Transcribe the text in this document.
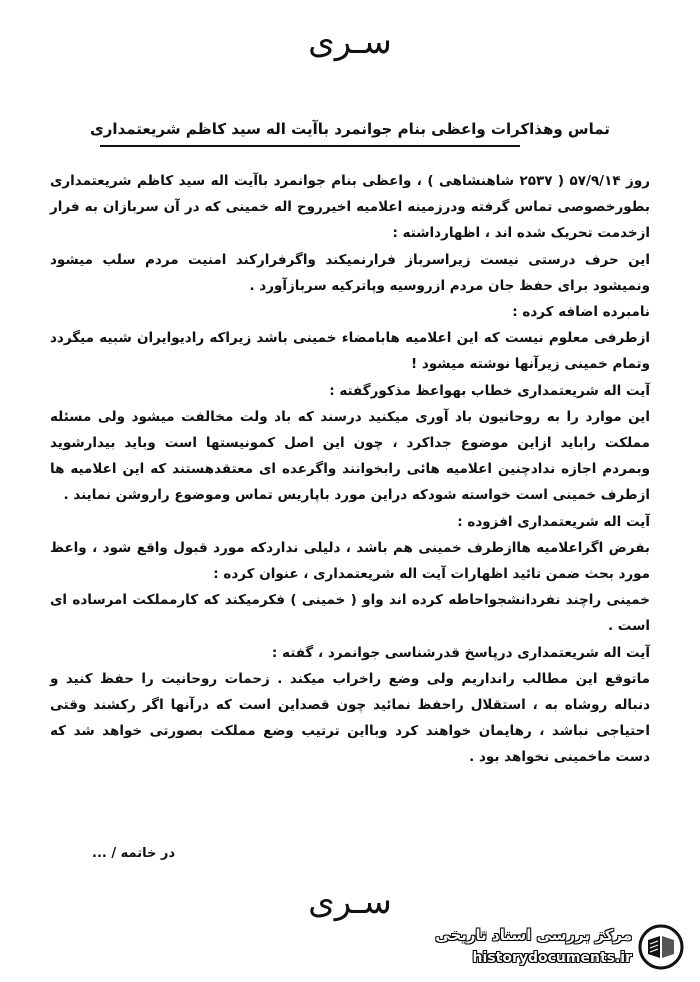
سـری
تماس وهذاکرات واعظی بنام جوانمرد باآیت اله سید کاظم شریعتمداری

روز ۵۷/۹/۱۴ ( ۲۵۳۷ شاهنشاهی ) ، واعظی بنام جوانمرد باآیت اله سید کاظم شریعتمداری بطورخصوصی تماس گرفته ودرزمینه اعلامیه اخیرروح اله خمینی که در آن سربازان به فرار ازخدمت تحریک شده اند ، اظهارداشته :

این حرف درستی نیست زیراسرباز فرارنمیکند واگرفرارکند امنیت مردم سلب میشود ونمیشود برای حفظ جان مردم ازروسیه وپاترکیه سربازآورد .

نامبرده اضافه کرده :

ازطرفی معلوم نیست که این اعلامیه هابامضاء خمینی باشد زیراکه رادیوایران شبیه میگردد وتمام خمینی زیرآنها نوشته میشود !

آیت اله شریعتمداری خطاب بهواعظ مذکورگفته :

این موارد را به روحانیون باد آوری میکنید درسند که باد ولت مخالفت میشود ولی مسئله مملکت راباید ازاین موضوع جداکرد ، چون این اصل کمونیستها است وباید بیدارشوید وبمردم اجازه ندادچنین اعلامیه هائی رابخوانند واگرعده ای معتقدهستند که این اعلامیه ها ازطرف خمینی است خواسته شودکه دراین مورد باپاریس تماس وموضوع راروشن نمایند .

آیت اله شریعتمداری افزوده :

بفرض اگراعلامیه هاازطرف خمینی هم باشد ، دلیلی نداردکه مورد قبول واقع شود ، واعظ مورد بحث ضمن تائید اظهارات آیت اله شریعتمداری ، عنوان کرده :

خمینی راچند نفردانشجواحاطه کرده اند واو ( خمینی ) فکرمیکند که کارمملکت امرساده ای است .

آیت اله شریعتمداری درپاسخ قدرشناسی جوانمرد ، گفته :

ماتوقع این مطالب رانداریم ولی وضع راخراب میکند . زحمات روحانیت را حفظ کنید و دنباله روشاه به ، استقلال راحفظ نمائید چون قصداین است که درآنها اگر رکشند وقتی احتیاجی نباشد ، رهایمان خواهند کرد وبااین ترتیب وضع مملکت بصورتی خواهد شد که دست ماخمینی نخواهد بود .

در خاتمه / ...
سـری
مرکز بررسی اسناد تاریخی
historydocuments.ir
